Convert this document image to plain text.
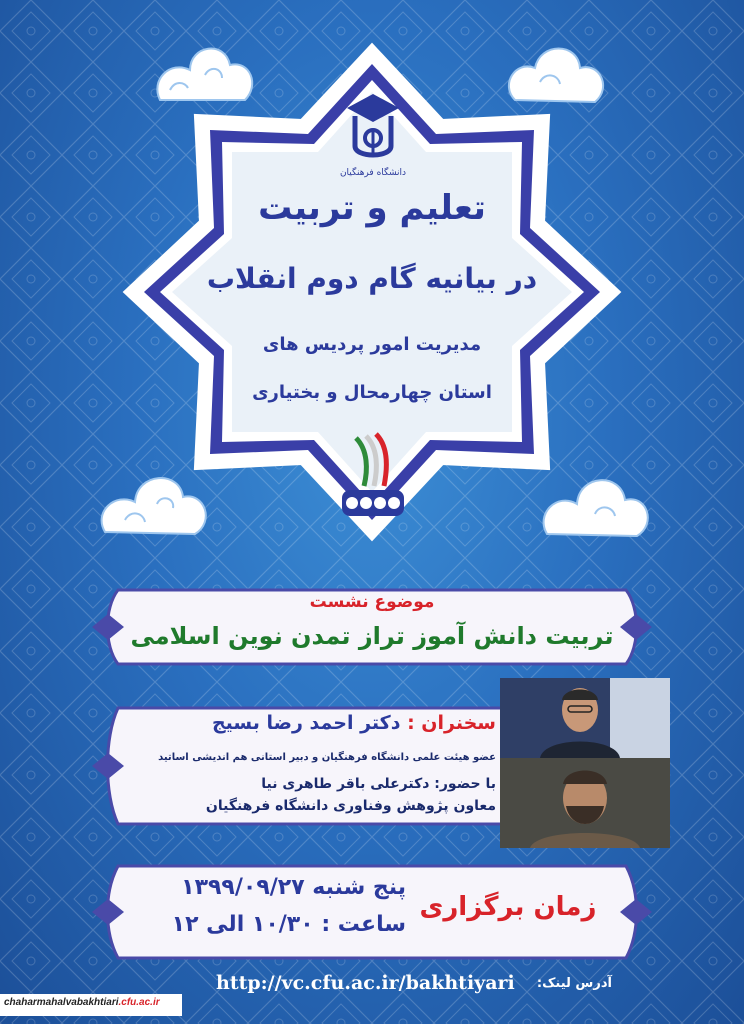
دانشگاه فرهنگیان
تعلیم و تربیت
در بیانیه گام دوم انقلاب
مدیریت امور پردیس های
استان چهارمحال و بختیاری
موضوع نشست
تربیت دانش آموز تراز تمدن نوین اسلامی
سخنران : دکتر احمد رضا بسیج
عضو هیئت علمی دانشگاه فرهنگیان و دبیر استانی هم اندیشی اساتید
با حضور: دکترعلی باقر طاهری نیا
معاون پژوهش وفناوری دانشگاه فرهنگیان
زمان برگزاری
پنج شنبه ۱۳۹۹/۰۹/۲۷
ساعت : ۱۰/۳۰ الی ۱۲
آدرس لینک:
http://vc.cfu.ac.ir/bakhtiyari
chaharmahalvabakhtiari.cfu.ac.ir
